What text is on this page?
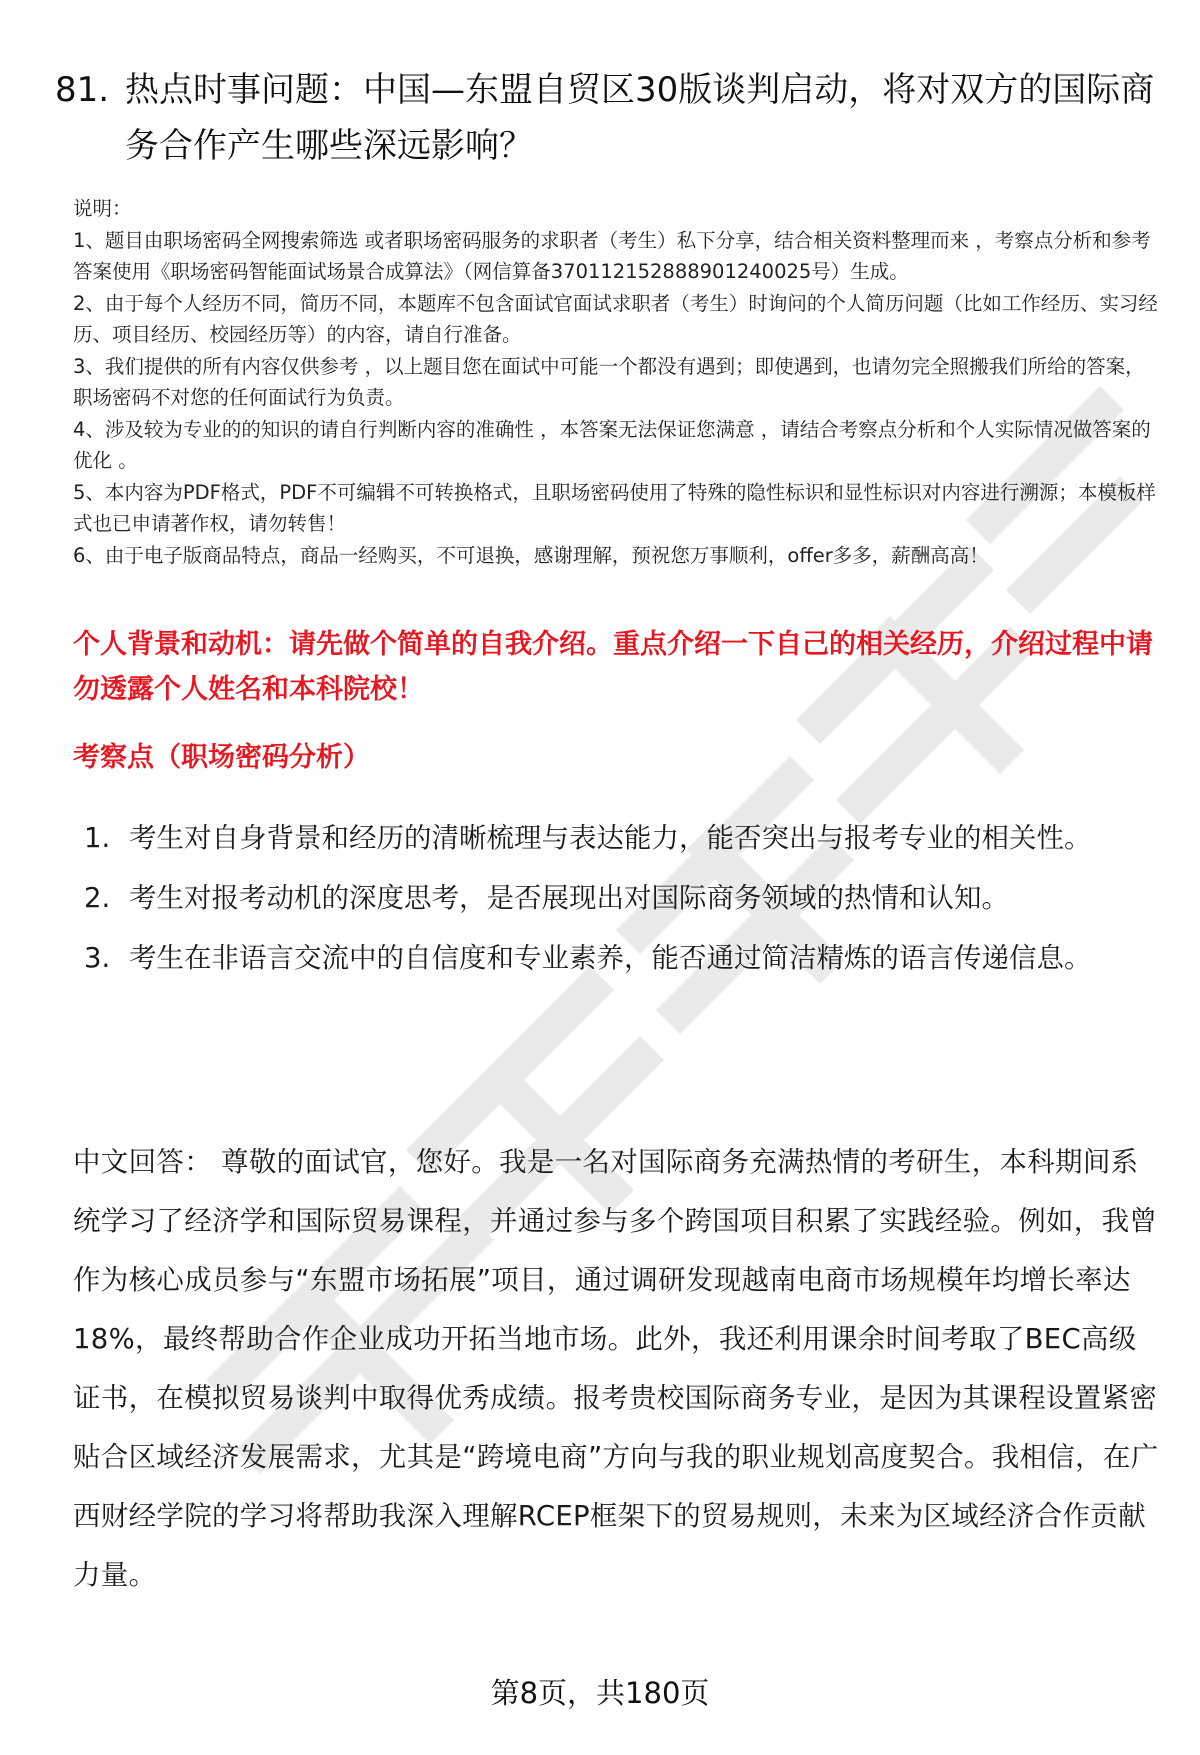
81. 热点时事问题：中国—东盟自贸区30版谈判启动，将对双方的国际商务合作产生哪些深远影响？

说明：

1、题目由职场密码全网搜索筛选 或者职场密码服务的求职者（考生）私下分享，结合相关资料整理而来 ，考察点分析和参考答案使用《职场密码智能面试场景合成算法》（网信算备370112152888901240025号）生成。

2、由于每个人经历不同，简历不同，本题库不包含面试官面试求职者（考生）时询问的个人简历问题（比如工作经历、实习经历、项目经历、校园经历等）的内容，请自行准备。

3、我们提供的所有内容仅供参考 ，以上题目您在面试中可能一个都没有遇到；即使遇到，也请勿完全照搬我们所给的答案，职场密码不对您的任何面试行为负责。

4、涉及较为专业的的知识的请自行判断内容的准确性 ，本答案无法保证您满意 ，请结合考察点分析和个人实际情况做答案的优化 。

5、本内容为PDF格式，PDF不可编辑不可转换格式，且职场密码使用了特殊的隐性标识和显性标识对内容进行溯源；本模板样式也已申请著作权，请勿转售！

6、由于电子版商品特点，商品一经购买，不可退换，感谢理解，预祝您万事顺利，offer多多，薪酬高高！

个人背景和动机：请先做个简单的自我介绍。重点介绍一下自己的相关经历，介绍过程中请勿透露个人姓名和本科院校！
考察点（职场密码分析）
1. 考生对自身背景和经历的清晰梳理与表达能力，能否突出与报考专业的相关性。
2. 考生对报考动机的深度思考，是否展现出对国际商务领域的热情和认知。
3. 考生在非语言交流中的自信度和专业素养，能否通过简洁精炼的语言传递信息。
中文回答： 尊敬的面试官，您好。我是一名对国际商务充满热情的考研生，本科期间系统学习了经济学和国际贸易课程，并通过参与多个跨国项目积累了实践经验。例如，我曾作为核心成员参与“东盟市场拓展”项目，通过调研发现越南电商市场规模年均增长率达18%，最终帮助合作企业成功开拓当地市场。此外，我还利用课余时间考取了BEC高级证书，在模拟贸易谈判中取得优秀成绩。报考贵校国际商务专业，是因为其课程设置紧密贴合区域经济发展需求，尤其是“跨境电商”方向与我的职业规划高度契合。我相信，在广西财经学院的学习将帮助我深入理解RCEP框架下的贸易规则，未来为区域经济合作贡献力量。
第8页，共180页
